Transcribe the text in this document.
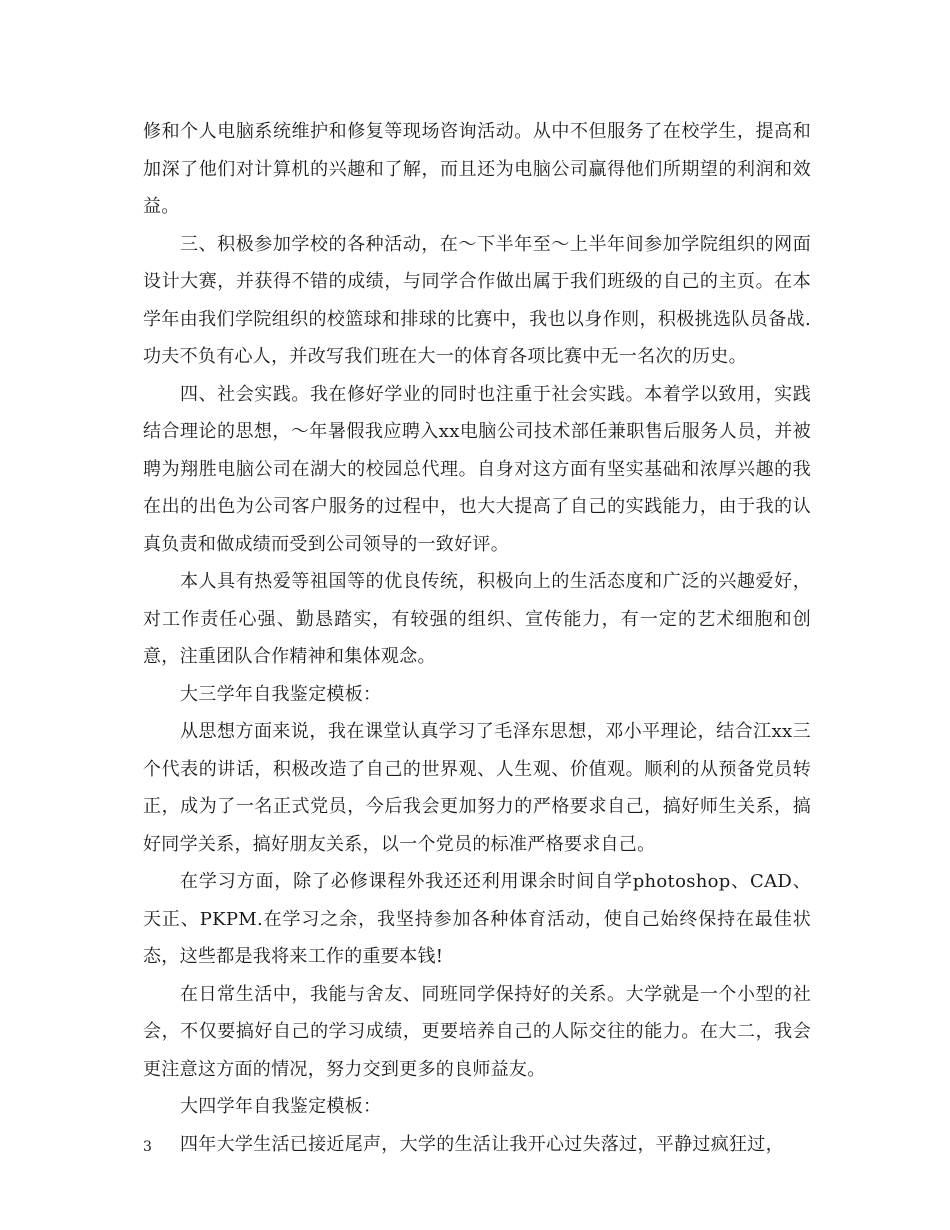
修和个人电脑系统维护和修复等现场咨询活动。从中不但服务了在校学生，提高和加深了他们对计算机的兴趣和了解，而且还为电脑公司赢得他们所期望的利润和效益。

三、积极参加学校的各种活动，在～下半年至～上半年间参加学院组织的网面设计大赛，并获得不错的成绩，与同学合作做出属于我们班级的自己的主页。在本学年由我们学院组织的校篮球和排球的比赛中，我也以身作则，积极挑选队员备战.功夫不负有心人，并改写我们班在大一的体育各项比赛中无一名次的历史。

四、社会实践。我在修好学业的同时也注重于社会实践。本着学以致用，实践结合理论的思想，～年暑假我应聘入xx电脑公司技术部任兼职售后服务人员，并被聘为翔胜电脑公司在湖大的校园总代理。自身对这方面有坚实基础和浓厚兴趣的我在出的出色为公司客户服务的过程中，也大大提高了自己的实践能力，由于我的认真负责和做成绩而受到公司领导的一致好评。

本人具有热爱等祖国等的优良传统，积极向上的生活态度和广泛的兴趣爱好，对工作责任心强、勤恳踏实，有较强的组织、宣传能力，有一定的艺术细胞和创意，注重团队合作精神和集体观念。

大三学年自我鉴定模板：

从思想方面来说，我在课堂认真学习了毛泽东思想，邓小平理论，结合江xx三个代表的讲话，积极改造了自己的世界观、人生观、价值观。顺利的从预备党员转正，成为了一名正式党员，今后我会更加努力的严格要求自己，搞好师生关系，搞好同学关系，搞好朋友关系，以一个党员的标准严格要求自己。

在学习方面，除了必修课程外我还还利用课余时间自学photoshop、CAD、天正、PKPM.在学习之余，我坚持参加各种体育活动，使自己始终保持在最佳状态，这些都是我将来工作的重要本钱!

在日常生活中，我能与舍友、同班同学保持好的关系。大学就是一个小型的社会，不仅要搞好自己的学习成绩，更要培养自己的人际交往的能力。在大二，我会更注意这方面的情况，努力交到更多的良师益友。

大四学年自我鉴定模板：

四年大学生活已接近尾声，大学的生活让我开心过失落过，平静过疯狂过，

3
